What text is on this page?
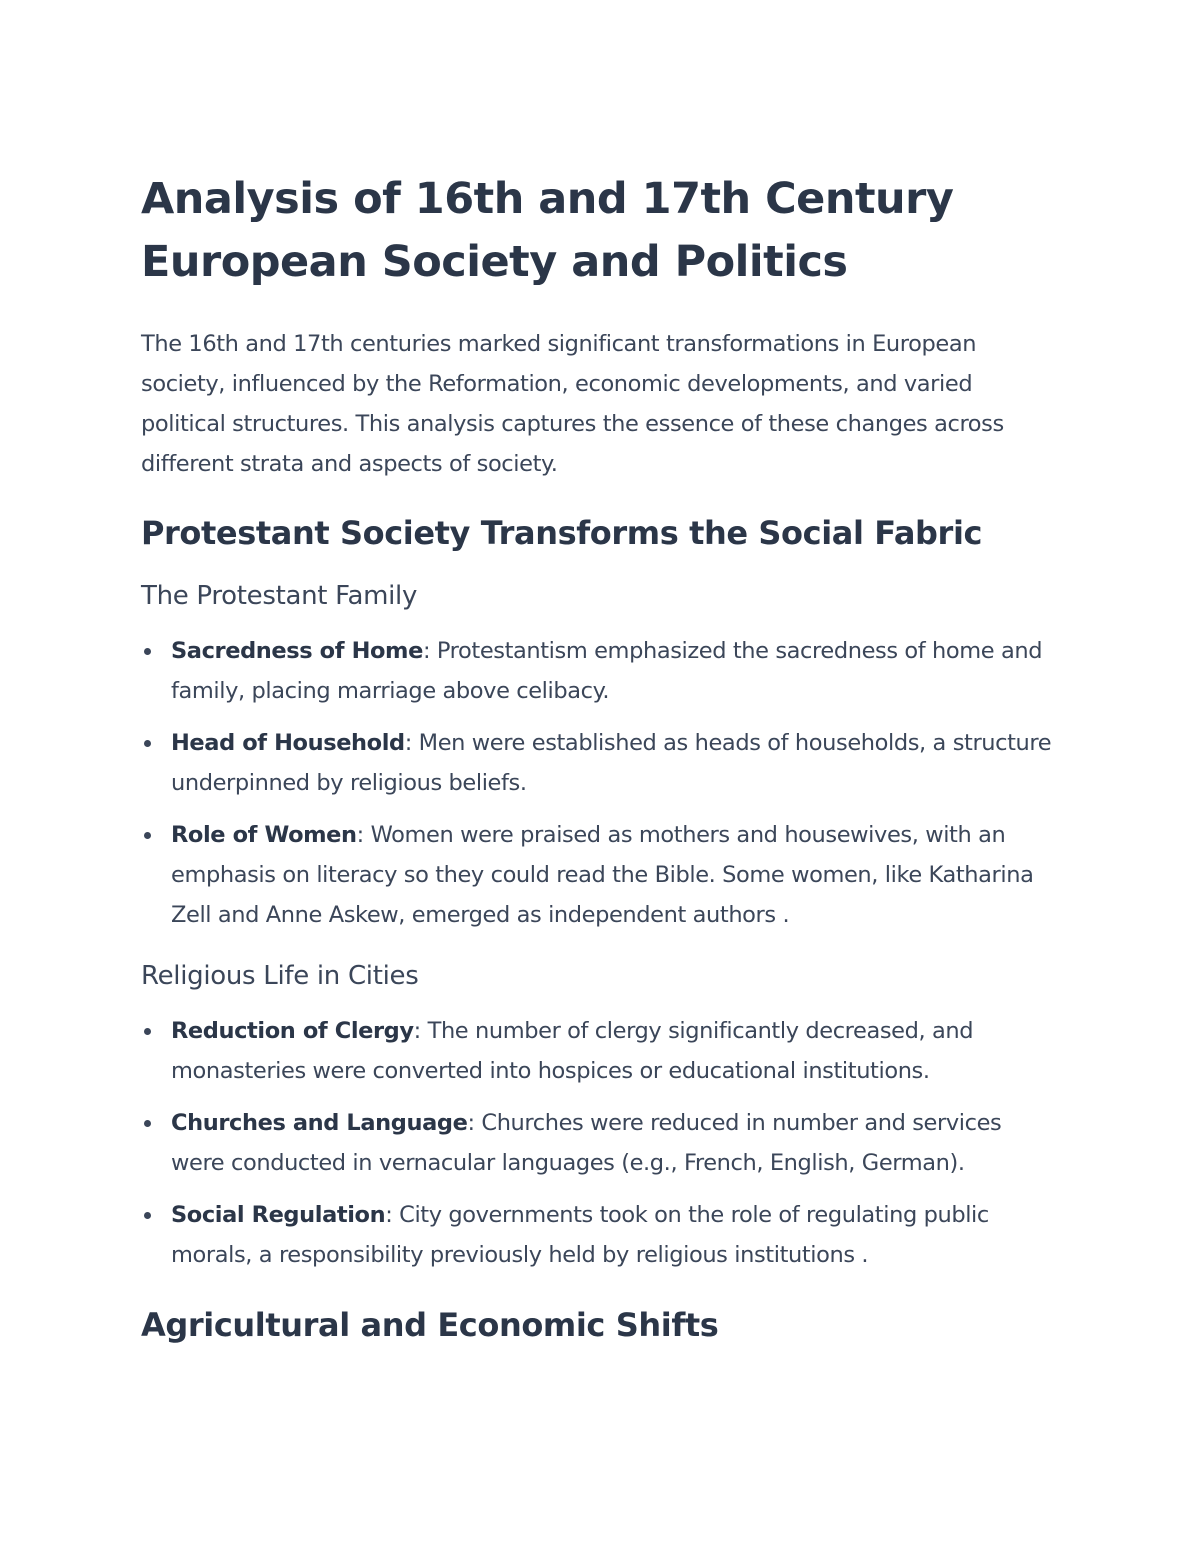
Analysis of 16th and 17th Century European Society and Politics

The 16th and 17th centuries marked significant transformations in European society, influenced by the Reformation, economic developments, and varied political structures. This analysis captures the essence of these changes across different strata and aspects of society.

Protestant Society Transforms the Social Fabric
The Protestant Family
Sacredness of Home: Protestantism emphasized the sacredness of home and family, placing marriage above celibacy.
Head of Household: Men were established as heads of households, a structure underpinned by religious beliefs.
Role of Women: Women were praised as mothers and housewives, with an emphasis on literacy so they could read the Bible. Some women, like Katharina Zell and Anne Askew, emerged as independent authors .
Religious Life in Cities
Reduction of Clergy: The number of clergy significantly decreased, and monasteries were converted into hospices or educational institutions.
Churches and Language: Churches were reduced in number and services were conducted in vernacular languages (e.g., French, English, German).
Social Regulation: City governments took on the role of regulating public morals, a responsibility previously held by religious institutions .
Agricultural and Economic Shifts
